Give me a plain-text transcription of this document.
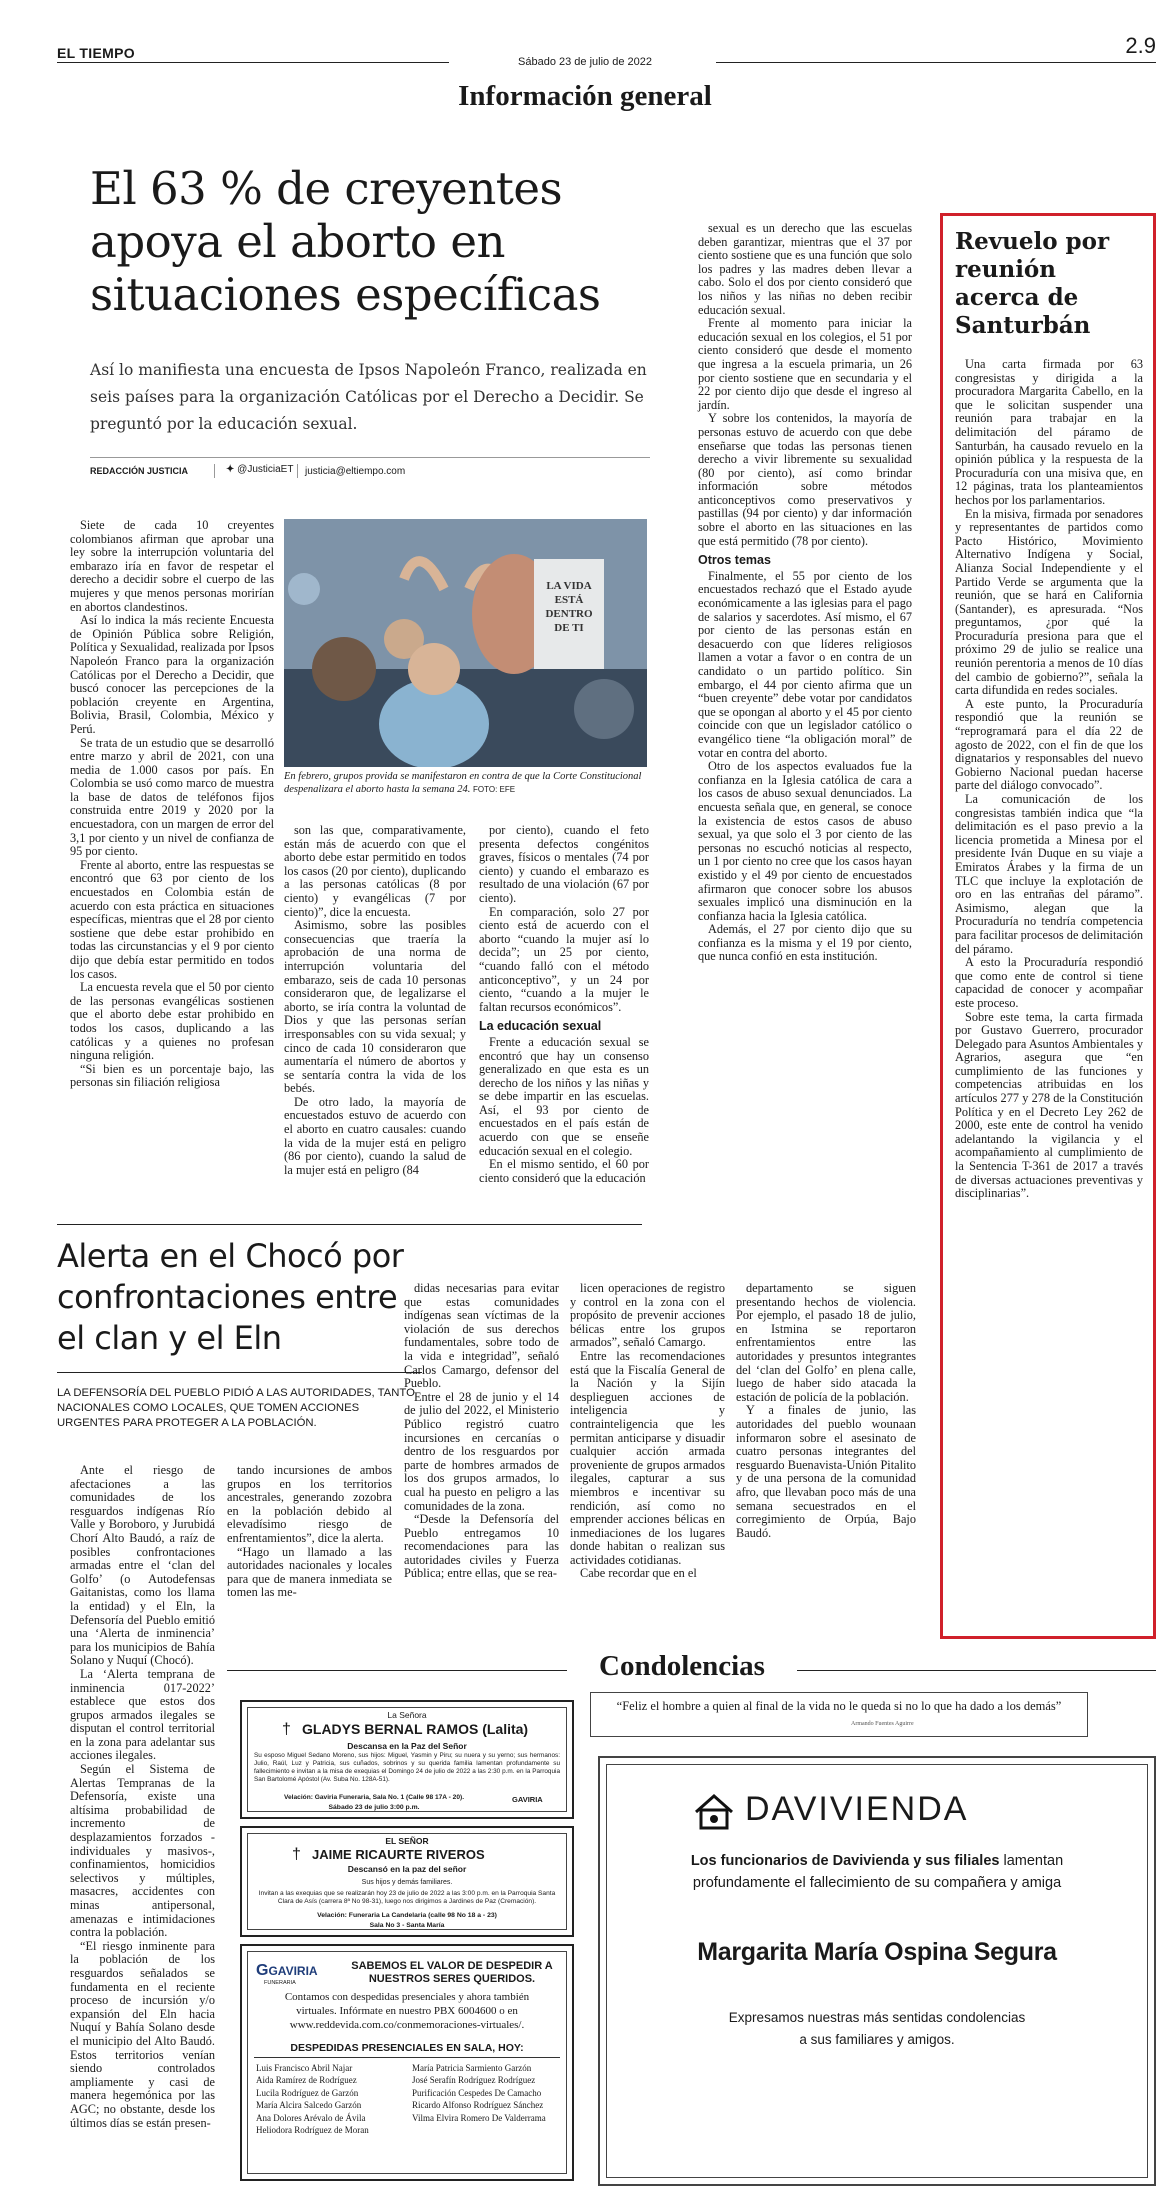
EL TIEMPO
Sábado 23 de julio de 2022
2.9
Información general
El 63 % de creyentes apoya el aborto en situaciones específicas
Así lo manifiesta una encuesta de Ipsos Napoleón Franco, realizada en seis países para la organización Católicas por el Derecho a Decidir. Se preguntó por la educación sexual.
REDACCIÓN JUSTICIA	✦ @JusticiaET justicia@eltiempo.com
LA VIDA ESTÁ DENTRO DE TI
En febrero, grupos provida se manifestaron en contra de que la Corte Constitucional despenalizara el aborto hasta la semana 24. FOTO: EFE

Siete de cada 10 creyentes colombianos afirman que aprobar una ley sobre la interrupción voluntaria del embarazo iría en favor de respetar el derecho a decidir sobre el cuerpo de las mujeres y que menos personas morirían en abortos clandestinos.

Así lo indica la más reciente Encuesta de Opinión Pública sobre Religión, Política y Sexualidad, realizada por Ipsos Napoleón Franco para la organización Católicas por el Derecho a Decidir, que buscó conocer las percepciones de la población creyente en Argentina, Bolivia, Brasil, Colombia, México y Perú.

Se trata de un estudio que se desarrolló entre marzo y abril de 2021, con una media de 1.000 casos por país. En Colombia se usó como marco de muestra la base de datos de teléfonos fijos construida entre 2019 y 2020 por la encuestadora, con un margen de error del 3,1 por ciento y un nivel de confianza de 95 por ciento.

Frente al aborto, entre las respuestas se encontró que 63 por ciento de los encuestados en Colombia están de acuerdo con esta práctica en situaciones específicas, mientras que el 28 por ciento sostiene que debe estar prohibido en todas las circunstancias y el 9 por ciento dijo que debía estar permitido en todos los casos.

La encuesta revela que el 50 por ciento de las personas evangélicas sostienen que el aborto debe estar prohibido en todos los casos, duplicando a las católicas y a quienes no profesan ninguna religión.

“Si bien es un porcentaje bajo, las personas sin filiación religiosa

son las que, comparativamente, están más de acuerdo con que el aborto debe estar permitido en todos los casos (20 por ciento), duplicando a las personas católicas (8 por ciento) y evangélicas (7 por ciento)”, dice la encuesta.

Asimismo, sobre las posibles consecuencias que traería la aprobación de una norma de interrupción voluntaria del embarazo, seis de cada 10 personas consideraron que, de legalizarse el aborto, se iría contra la voluntad de Dios y que las personas serían irresponsables con su vida sexual; y cinco de cada 10 consideraron que aumentaría el número de abortos y se sentaría contra la vida de los bebés.

De otro lado, la mayoría de encuestados estuvo de acuerdo con el aborto en cuatro causales: cuando la vida de la mujer está en peligro (86 por ciento), cuando la salud de la mujer está en peligro (84

por ciento), cuando el feto presenta defectos congénitos graves, físicos o mentales (74 por ciento) y cuando el embarazo es resultado de una violación (67 por ciento).

En comparación, solo 27 por ciento está de acuerdo con el aborto “cuando la mujer así lo decida”; un 25 por ciento, “cuando falló con el método anticonceptivo”, y un 24 por ciento, “cuando a la mujer le faltan recursos económicos”.

La educación sexual

Frente a educación sexual se encontró que hay un consenso generalizado en que esta es un derecho de los niños y las niñas y se debe impartir en las escuelas. Así, el 93 por ciento de encuestados en el país están de acuerdo con que se enseñe educación sexual en el colegio.

En el mismo sentido, el 60 por ciento consideró que la educación

sexual es un derecho que las escuelas deben garantizar, mientras que el 37 por ciento sostiene que es una función que solo los padres y las madres deben llevar a cabo. Solo el dos por ciento consideró que los niños y las niñas no deben recibir educación sexual.

Frente al momento para iniciar la educación sexual en los colegios, el 51 por ciento consideró que desde el momento que ingresa a la escuela primaria, un 26 por ciento sostiene que en secundaria y el 22 por ciento dijo que desde el ingreso al jardín.

Y sobre los contenidos, la mayoría de personas estuvo de acuerdo con que debe enseñarse que todas las personas tienen derecho a vivir libremente su sexualidad (80 por ciento), así como brindar información sobre métodos anticonceptivos como preservativos y pastillas (94 por ciento) y dar información sobre el aborto en las situaciones en las que está permitido (78 por ciento).

Otros temas

Finalmente, el 55 por ciento de los encuestados rechazó que el Estado ayude económicamente a las iglesias para el pago de salarios y sacerdotes. Así mismo, el 67 por ciento de las personas están en desacuerdo con que líderes religiosos llamen a votar a favor o en contra de un candidato o un partido político. Sin embargo, el 44 por ciento afirma que un “buen creyente” debe votar por candidatos que se opongan al aborto y el 45 por ciento coincide con que un legislador católico o evangélico tiene “la obligación moral” de votar en contra del aborto.

Otro de los aspectos evaluados fue la confianza en la Iglesia católica de cara a los casos de abuso sexual denunciados. La encuesta señala que, en general, se conoce la existencia de estos casos de abuso sexual, ya que solo el 3 por ciento de las personas no escuchó noticias al respecto, un 1 por ciento no cree que los casos hayan existido y el 49 por ciento de encuestados afirmaron que conocer sobre los abusos sexuales implicó una disminución en la confianza hacia la Iglesia católica.

Además, el 27 por ciento dijo que su confianza es la misma y el 19 por ciento, que nunca confió en esta institución.

Revuelo por reunión acerca de Santurbán

Una carta firmada por 63 congresistas y dirigida a la procuradora Margarita Cabello, en la que le solicitan suspender una reunión para trabajar en la delimitación del páramo de Santurbán, ha causado revuelo en la opinión pública y la respuesta de la Procuraduría con una misiva que, en 12 páginas, trata los planteamientos hechos por los parlamentarios.

En la misiva, firmada por senadores y representantes de partidos como Pacto Histórico, Movimiento Alternativo Indígena y Social, Alianza Social Independiente y el Partido Verde se argumenta que la reunión, que se hará en California (Santander), es apresurada. “Nos preguntamos, ¿por qué la Procuraduría presiona para que el próximo 29 de julio se realice una reunión perentoria a menos de 10 días del cambio de gobierno?”, señala la carta difundida en redes sociales.

A este punto, la Procuraduría respondió que la reunión se “reprogramará para el día 22 de agosto de 2022, con el fin de que los dignatarios y responsables del nuevo Gobierno Nacional puedan hacerse parte del diálogo convocado”.

La comunicación de los congresistas también indica que “la delimitación es el paso previo a la licencia prometida a Minesa por el presidente Iván Duque en su viaje a Emiratos Árabes y la firma de un TLC que incluye la explotación de oro en las entrañas del páramo”. Asimismo, alegan que la Procuraduría no tendría competencia para facilitar procesos de delimitación del páramo.

A esto la Procuraduría respondió que como ente de control si tiene capacidad de conocer y acompañar este proceso.

Sobre este tema, la carta firmada por Gustavo Guerrero, procurador Delegado para Asuntos Ambientales y Agrarios, asegura que “en cumplimiento de las funciones y competencias atribuidas en los artículos 277 y 278 de la Constitución Política y en el Decreto Ley 262 de 2000, este ente de control ha venido adelantando la vigilancia y el acompañamiento al cumplimiento de la Sentencia T-361 de 2017 a través de diversas actuaciones preventivas y disciplinarias”.

Alerta en el Chocó por confrontaciones entre el clan y el Eln
LA DEFENSORÍA DEL PUEBLO PIDIÓ A LAS AUTORIDADES, TANTO NACIONALES COMO LOCALES, QUE TOMEN ACCIONES URGENTES PARA PROTEGER A LA POBLACIÓN.

Ante el riesgo de afectaciones a las comunidades de los resguardos indígenas Río Valle y Boroboro, y Jurubidá Chorí Alto Baudó, a raíz de posibles confrontaciones armadas entre el ‘clan del Golfo’ (o Autodefensas Gaitanistas, como los llama la entidad) y el Eln, la Defensoría del Pueblo emitió una ‘Alerta de inminencia’ para los municipios de Bahía Solano y Nuquí (Chocó).

La ‘Alerta temprana de inminencia 017-2022’ establece que estos dos grupos armados ilegales se disputan el control territorial en la zona para adelantar sus acciones ilegales.

Según el Sistema de Alertas Tempranas de la Defensoría, existe una altísima probabilidad de incremento de desplazamientos forzados -individuales y masivos-, confinamientos, homicidios selectivos y múltiples, masacres, accidentes con minas antipersonal, amenazas e intimidaciones contra la población.

“El riesgo inminente para la población de los resguardos señalados se fundamenta en el reciente proceso de incursión y/o expansión del Eln hacia Nuquí y Bahía Solano desde el municipio del Alto Baudó. Estos territorios venían siendo controlados ampliamente y casi de manera hegemónica por las AGC; no obstante, desde los últimos días se están presen-

tando incursiones de ambos grupos en los territorios ancestrales, generando zozobra en la población debido al elevadísimo riesgo de enfrentamientos”, dice la alerta.

“Hago un llamado a las autoridades nacionales y locales para que de manera inmediata se tomen las me-

didas necesarias para evitar que estas comunidades indígenas sean víctimas de la violación de sus derechos fundamentales, sobre todo de la vida e integridad”, señaló Carlos Camargo, defensor del Pueblo.

Entre el 28 de junio y el 14 de julio del 2022, el Ministerio Público registró cuatro incursiones en cercanías o dentro de los resguardos por parte de hombres armados de los dos grupos armados, lo cual ha puesto en peligro a las comunidades de la zona.

“Desde la Defensoría del Pueblo entregamos 10 recomendaciones para las autoridades civiles y Fuerza Pública; entre ellas, que se rea-

licen operaciones de registro y control en la zona con el propósito de prevenir acciones bélicas entre los grupos armados”, señaló Camargo.

Entre las recomendaciones está que la Fiscalía General de la Nación y la Sijín desplieguen acciones de inteligencia y contrainteligencia que les permitan anticiparse y disuadir cualquier acción armada proveniente de grupos armados ilegales, capturar a sus miembros e incentivar su rendición, así como no emprender acciones bélicas en inmediaciones de los lugares donde habitan o realizan sus actividades cotidianas.

Cabe recordar que en el

departamento se siguen presentando hechos de violencia. Por ejemplo, el pasado 18 de julio, en Istmina se reportaron enfrentamientos entre las autoridades y presuntos integrantes del ‘clan del Golfo’ en plena calle, luego de haber sido atacada la estación de policía de la población.

Y a finales de junio, las autoridades del pueblo wounaan informaron sobre el asesinato de cuatro personas integrantes del resguardo Buenavista-Unión Pitalito y de una persona de la comunidad afro, que llevaban poco más de una semana secuestrados en el corregimiento de Orpúa, Bajo Baudó.

Condolencias
“Feliz el hombre a quien al final de la vida no le queda si no lo que ha dado a los demás”
Armando Fuentes Aguirre
La Señora
† GLADYS BERNAL RAMOS (Lalita)
Descansa en la Paz del Señor
Su esposo Miguel Sedano Moreno, sus hijos: Miguel, Yasmin y Piru; su nuera y su yerno; sus hermanos: Julio, Raúl, Luz y Patricia, sus cuñados, sobrinos y su querida familia lamentan profundamente su fallecimiento e invitan a la misa de exequias el Domingo 24 de julio de 2022 a las 2:30 p.m. en la Parroquia San Bartolomé Apóstol (Av. Suba No. 128A-51).
Velación: Gaviria Funeraria, Sala No. 1 (Calle 98 17A - 20).
Sábado 23 de julio 3:00 p.m.
GAVIRIA
EL SEÑOR
† JAIME RICAURTE RIVEROS
Descansó en la paz del señor
Sus hijos y demás familiares.
Invitan a las exequias que se realizarán hoy 23 de julio de 2022 a las 3:00 p.m. en la Parroquia Santa Clara de Asís (carrera 8ª No 98-31), luego nos dirigimos a Jardines de Paz (Cremación).
Velación: Funeraria La Candelaria (calle 98 No 18 a - 23)
Sala No 3 - Santa María
GGAVIRIA
FUNERARIA
SABEMOS EL VALOR DE DESPEDIR A NUESTROS SERES QUERIDOS.
Contamos con despedidas presenciales y ahora también virtuales. Infórmate en nuestro PBX 6004600 o en www.reddevida.com.co/conmemoraciones-virtuales/.
DESPEDIDAS PRESENCIALES EN SALA, HOY:
Luis Francisco Abril Najar
Aida Ramírez de Rodríguez
Lucila Rodríguez de Garzón
María Alcira Salcedo Garzón
Ana Dolores Arévalo de Ávila
Heliodora Rodríguez de Moran
María Patricia Sarmiento Garzón
José Serafín Rodríguez Rodríguez
Purificación Cespedes De Camacho
Ricardo Alfonso Rodríguez Sánchez
Vilma Elvira Romero De Valderrama
DAVIVIENDA
Los funcionarios de Davivienda y sus filiales lamentan
profundamente el fallecimiento de su compañera y amiga
Margarita María Ospina Segura
Expresamos nuestras más sentidas condolencias
a sus familiares y amigos.
